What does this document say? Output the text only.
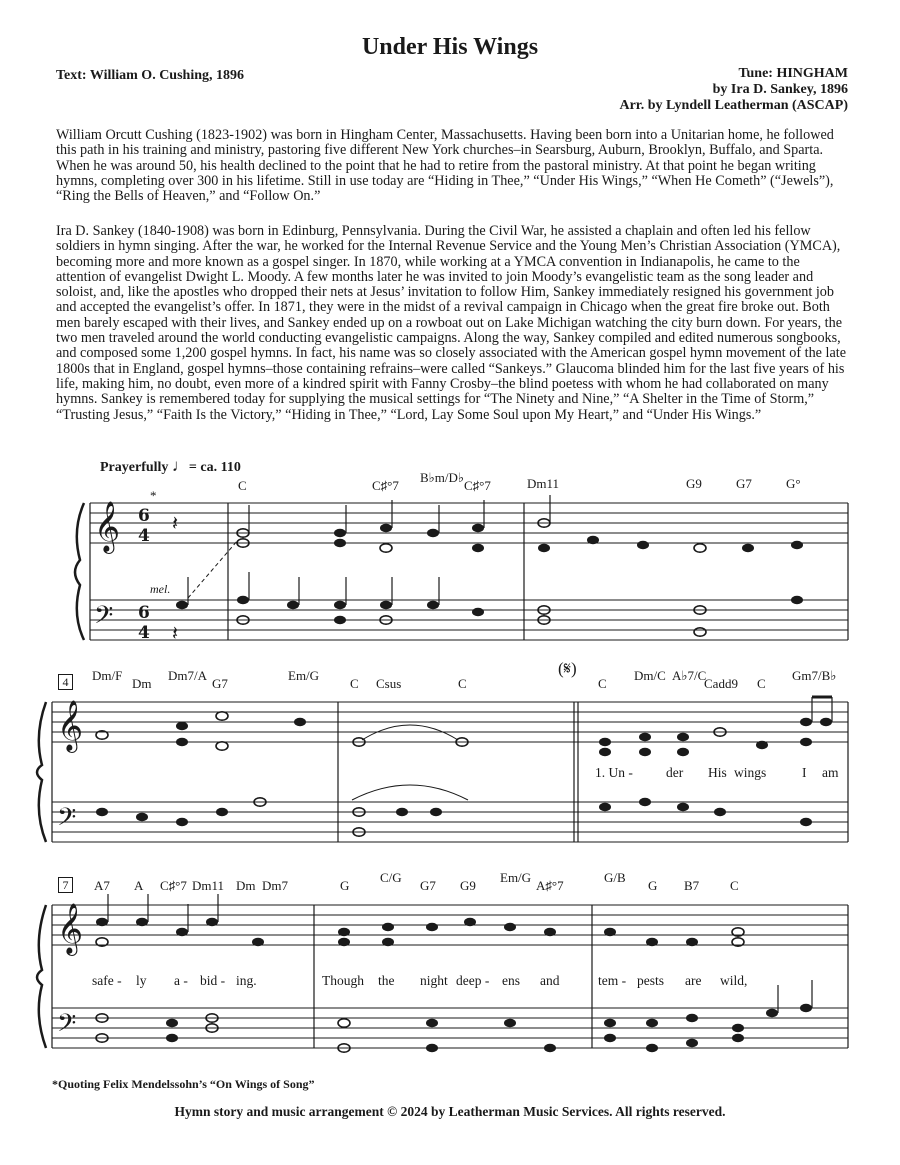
Under His Wings
Text: William O. Cushing, 1896	Tune: HINGHAM
by Ira D. Sankey, 1896
Arr. by Lyndell Leatherman (ASCAP)
William Orcutt Cushing (1823-1902) was born in Hingham Center, Massachusetts. Having been born into a Unitarian home, he followed this path in his training and ministry, pastoring five different New York churches–in Searsburg, Auburn, Brooklyn, Buffalo, and Sparta. When he was around 50, his health declined to the point that he had to retire from the pastoral ministry. At that point he began writing hymns, completing over 300 in his lifetime. Still in use today are “Hiding in Thee,” “Under His Wings,” “When He Cometh” (“Jewels”), “Ring the Bells of Heaven,” and “Follow On.”
Ira D. Sankey (1840-1908) was born in Edinburg, Pennsylvania. During the Civil War, he assisted a chaplain and often led his fellow soldiers in hymn singing. After the war, he worked for the Internal Revenue Service and the Young Men’s Christian Association (YMCA), becoming more and more known as a gospel singer. In 1870, while working at a YMCA convention in Indianapolis, he came to the attention of evangelist Dwight L. Moody. A few months later he was invited to join Moody’s evangelistic team as the song leader and soloist, and, like the apostles who dropped their nets at Jesus’ invitation to follow Him, Sankey immediately resigned his government job and accepted the evangelist’s offer. In 1871, they were in the midst of a revival campaign in Chicago when the great fire broke out. Both men barely escaped with their lives, and Sankey ended up on a rowboat out on Lake Michigan watching the city burn down. For years, the two men traveled around the world conducting evangelistic campaigns. Along the way, Sankey compiled and edited numerous songbooks, and composed some 1,200 gospel hymns. In fact, his name was so closely associated with the American gospel hymn movement of the late 1800s that in England, gospel hymns–those containing refrains–were called “Sankeys.” Glaucoma blinded him for the last five years of his life, making him, no doubt, even more of a kindred spirit with Fanny Crosby–the blind poetess with whom he had collaborated on many hymns. Sankey is remembered today for supplying the musical settings for “The Ninety and Nine,” “A Shelter in the Time of Storm,” “Trusting Jesus,” “Faith Is the Victory,” “Hiding in Thee,” “Lord, Lay Some Soul upon My Heart,” and “Under His Wings.”
Prayerfully ♩= ca. 110
𝄞
𝄢
𝄞
𝄢
𝄞
𝄢
6
4
6
4
𝄽
𝄽
*
mel.
(𝄋)
4
7
C	C♯°7
B♭m/D♭
C♯°7	Dm11	G9	G7	G°
Dm/F
Dm
Dm7/A
G7
Em/G
C Csus	C	C
Dm/C A♭7/C
Cadd9 C
Gm7/B♭
1. Un - der His wings	I am
A7 A C♯°7 Dm11 Dm Dm7	G
C/G
G7 G9
Em/G
A♯°7
G/B
G B7 C
safe - ly a - bid - ing.	Though the night deep - ens and	tem - pests are wild,
*Quoting Felix Mendelssohn’s “On Wings of Song”
Hymn story and music arrangement © 2024 by Leatherman Music Services. All rights reserved.
